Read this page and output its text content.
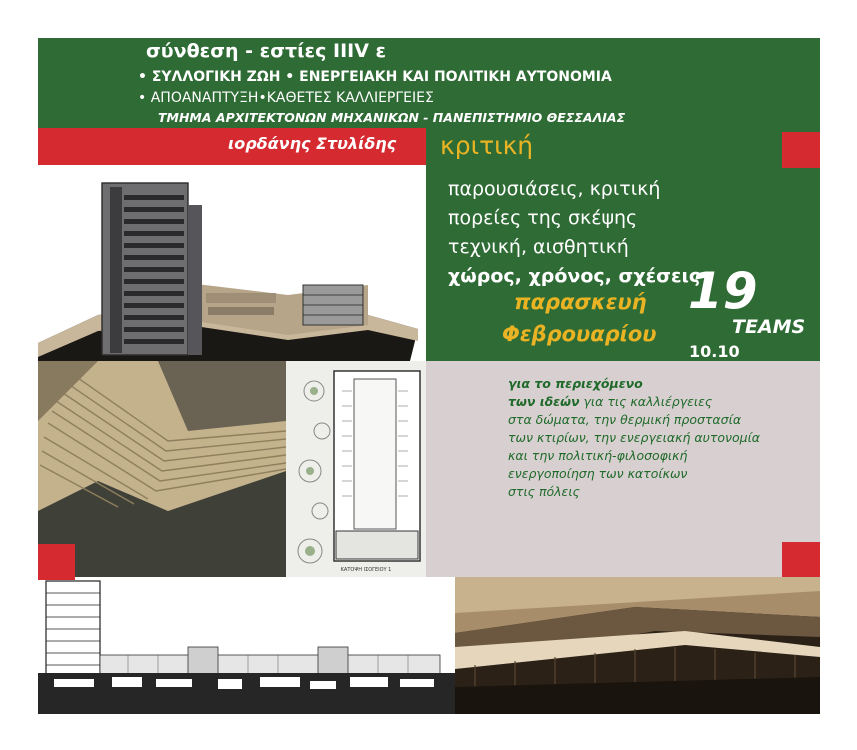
σύνθεση - εστίες IIIV ε
• ΣΥΛΛΟΓΙΚΗ ΖΩΗ • ΕΝΕΡΓΕΙΑΚΗ ΚΑΙ ΠΟΛΙΤΙΚΗ ΑΥΤΟΝΟΜΙΑ
• ΑΠΟΑΝΑΠΤΥΞΗ•ΚΑΘΕΤΕΣ ΚΑΛΛΙΕΡΓΕΙΕΣ
ΤΜΗΜΑ ΑΡΧΙΤΕΚΤΟΝΩΝ ΜΗΧΑΝΙΚΩΝ - ΠΑΝΕΠΙΣΤΗΜΙΟ ΘΕΣΣΑΛΙΑΣ
ιορδάνης Στυλίδης κριτική
παρουσιάσεις, κριτική
πορείες της σκέψης
τεχνική, αισθητική
χώρος, χρόνος, σχέσεις
παρασκευή
Φεβρουαρίου
19
TEAMS
10.10
ΚΑΤΟΨΗ ΙΣΟΓΕΙΟΥ 1
για το περιεχόμενο
των ιδεών για τις καλλιέργειες
στα δώματα, την θερμική προστασία
των κτιρίων, την ενεργειακή αυτονομία
και την πολιτική-φιλοσοφική
ενεργοποίηση των κατοίκων
στις πόλεις
